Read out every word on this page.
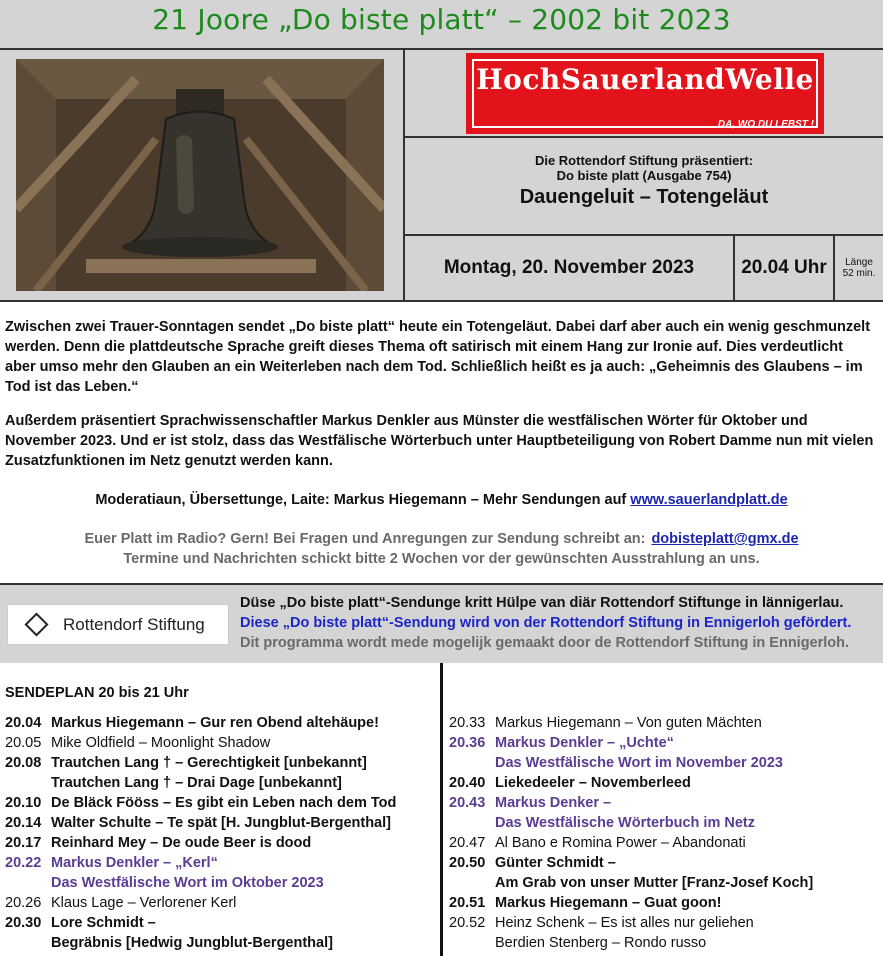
21 Joore „Do biste platt“ – 2002 bit 2023
HochSauerlandWelle
DA, WO DU LEBST !
Die Rottendorf Stiftung präsentiert:
Do biste platt (Ausgabe 754)
Dauengeluit – Totengeläut
Montag, 20. November 2023	20.04 Uhr	Länge
52 min.

Zwischen zwei Trauer-Sonntagen sendet „Do biste platt“ heute ein Totengeläut. Dabei darf aber auch ein wenig geschmunzelt werden. Denn die plattdeutsche Sprache greift dieses Thema oft satirisch mit einem Hang zur Ironie auf. Dies verdeutlicht aber umso mehr den Glauben an ein Weiterleben nach dem Tod. Schließlich heißt es ja auch: „Geheimnis des Glaubens – im Tod ist das Leben.“

Außerdem präsentiert Sprachwissenschaftler Markus Denkler aus Münster die westfälischen Wörter für Oktober und November 2023. Und er ist stolz, dass das Westfälische Wörterbuch unter Hauptbeteiligung von Robert Damme nun mit vielen Zusatzfunktionen im Netz genutzt werden kann.

Moderatiaun, Übersettunge, Laite: Markus Hiegemann – Mehr Sendungen auf www.sauerlandplatt.de
Euer Platt im Radio? Gern! Bei Fragen und Anregungen zur Sendung schreibt an: dobisteplatt@gmx.de
Termine und Nachrichten schickt bitte 2 Wochen vor der gewünschten Ausstrahlung an uns.
Rottendorf Stiftung
Düse „Do biste platt“-Sendunge kritt Hülpe van diär Rottendorf Stiftunge in lännigerlau.
Diese „Do biste platt“-Sendung wird von der Rottendorf Stiftung in Ennigerloh gefördert.
Dit programma wordt mede mogelijk gemaakt door de Rottendorf Stiftung in Ennigerloh.
SENDEPLAN 20 bis 21 Uhr
20.04 Markus Hiegemann – Gur ren Obend altehäupe!
20.05 Mike Oldfield – Moonlight Shadow
20.08 Trautchen Lang † – Gerechtigkeit [unbekannt]
Trautchen Lang † – Drai Dage [unbekannt]
20.10 De Bläck Fööss – Es gibt ein Leben nach dem Tod
20.14 Walter Schulte – Te spät [H. Jungblut-Bergenthal]
20.17 Reinhard Mey – De oude Beer is dood
20.22 Markus Denkler – „Kerl“
Das Westfälische Wort im Oktober 2023
20.26 Klaus Lage – Verlorener Kerl
20.30 Lore Schmidt –
Begräbnis [Hedwig Jungblut-Bergenthal]
20.33 Markus Hiegemann – Von guten Mächten
20.36 Markus Denkler – „Uchte“
Das Westfälische Wort im November 2023
20.40 Liekedeeler – Novemberleed
20.43 Markus Denker –
Das Westfälische Wörterbuch im Netz
20.47 Al Bano e Romina Power – Abandonati
20.50 Günter Schmidt –
Am Grab von unser Mutter [Franz-Josef Koch]
20.51 Markus Hiegemann – Guat goon!
20.52 Heinz Schenk – Es ist alles nur geliehen
Berdien Stenberg – Rondo russo
